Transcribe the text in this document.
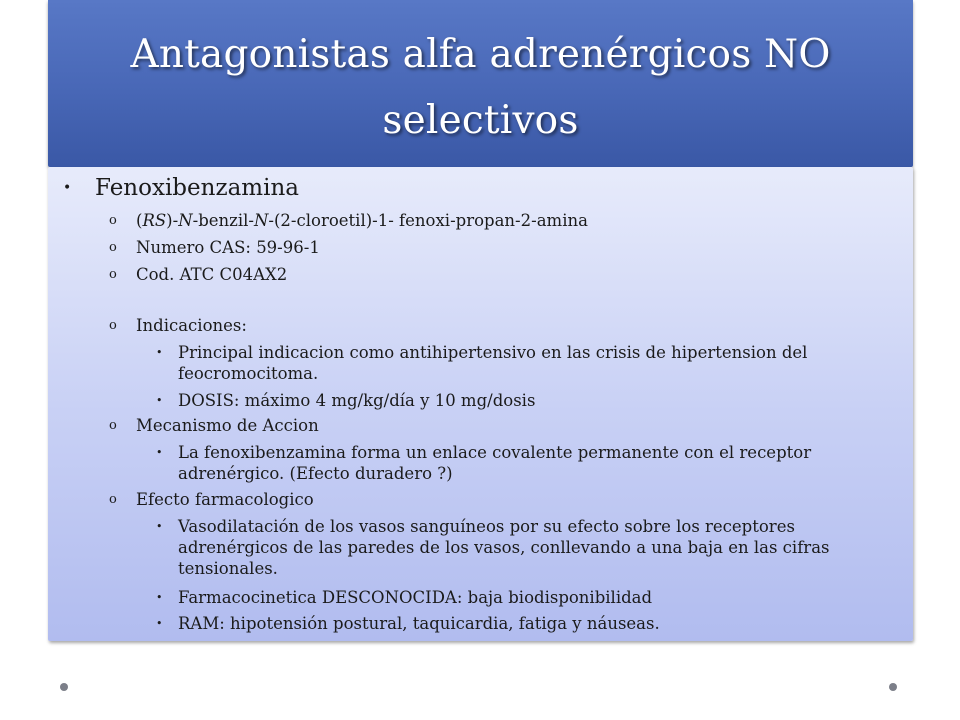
Antagonistas alfa adrenérgicos NO selectivos
• Fenoxibenzamina
o (RS)-N-benzil-N-(2-cloroetil)-1- fenoxi-propan-2-amina
o Numero CAS: 59-96-1
o Cod. ATC C04AX2
o Indicaciones:
• Principal indicacion como antihipertensivo en las crisis de hipertension del feocromocitoma.
• DOSIS: máximo 4 mg/kg/día y 10 mg/dosis
o Mecanismo de Accion
• La fenoxibenzamina forma un enlace covalente permanente con el receptor adrenérgico. (Efecto duradero ?)
o Efecto farmacologico
• Vasodilatación de los vasos sanguíneos por su efecto sobre los receptores adrenérgicos de las paredes de los vasos, conllevando a una baja en las cifras tensionales.
• Farmacocinetica DESCONOCIDA: baja biodisponibilidad
• RAM: hipotensión postural, taquicardia, fatiga y náuseas.
